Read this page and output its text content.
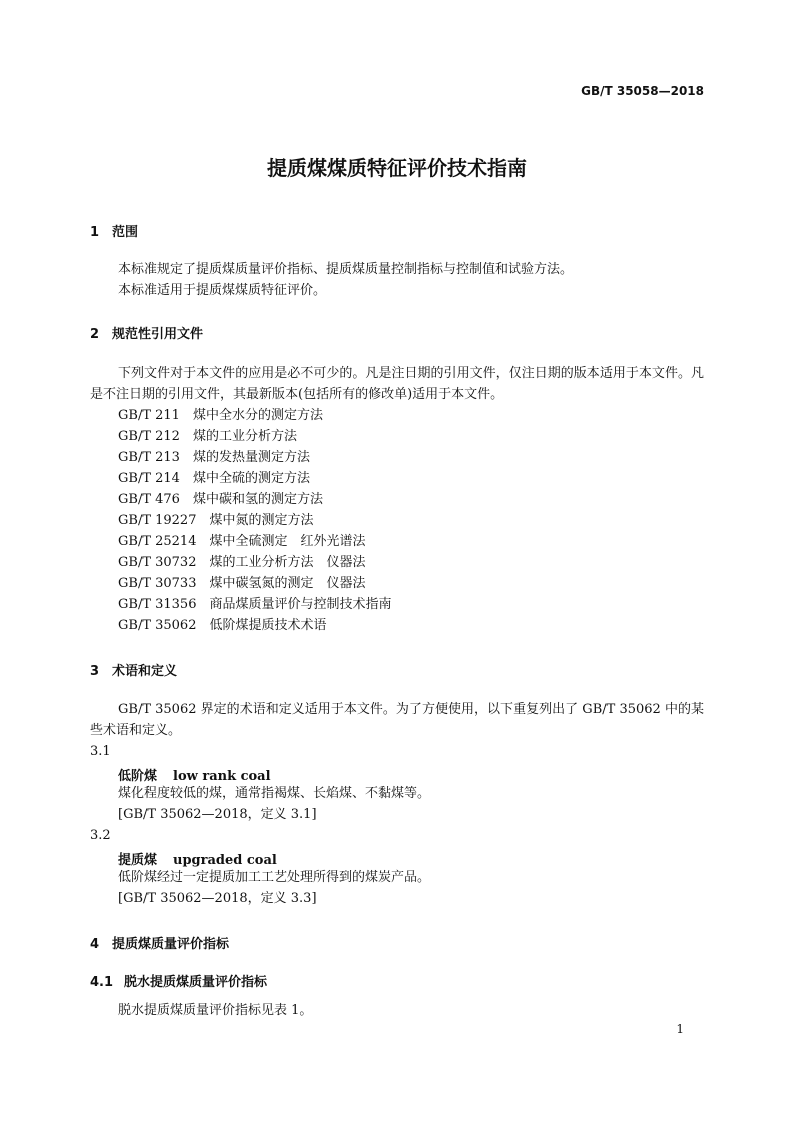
GB/T 35058—2018
提质煤煤质特征评价技术指南
1 范围
本标准规定了提质煤质量评价指标、提质煤质量控制指标与控制值和试验方法。
本标准适用于提质煤煤质特征评价。
2 规范性引用文件
下列文件对于本文件的应用是必不可少的。凡是注日期的引用文件，仅注日期的版本适用于本文件。凡是不注日期的引用文件，其最新版本(包括所有的修改单)适用于本文件。
GB/T 211　 煤中全水分的测定方法
GB/T 212　 煤的工业分析方法
GB/T 213　 煤的发热量测定方法
GB/T 214　 煤中全硫的测定方法
GB/T 476　 煤中碳和氢的测定方法
GB/T 19227　 煤中氮的测定方法
GB/T 25214　 煤中全硫测定　红外光谱法
GB/T 30732　 煤的工业分析方法　仪器法
GB/T 30733　 煤中碳氢氮的测定　仪器法
GB/T 31356　 商品煤质量评价与控制技术指南
GB/T 35062　 低阶煤提质技术术语
3 术语和定义
GB/T 35062 界定的术语和定义适用于本文件。为了方便使用，以下重复列出了 GB/T 35062 中的某些术语和定义。
3.1
低阶煤 low rank coal
煤化程度较低的煤，通常指褐煤、长焰煤、不黏煤等。
[GB/T 35062—2018，定义 3.1]
3.2
提质煤 upgraded coal
低阶煤经过一定提质加工工艺处理所得到的煤炭产品。
[GB/T 35062—2018，定义 3.3]
4 提质煤质量评价指标
4.1 脱水提质煤质量评价指标
脱水提质煤质量评价指标见表 1。
1
